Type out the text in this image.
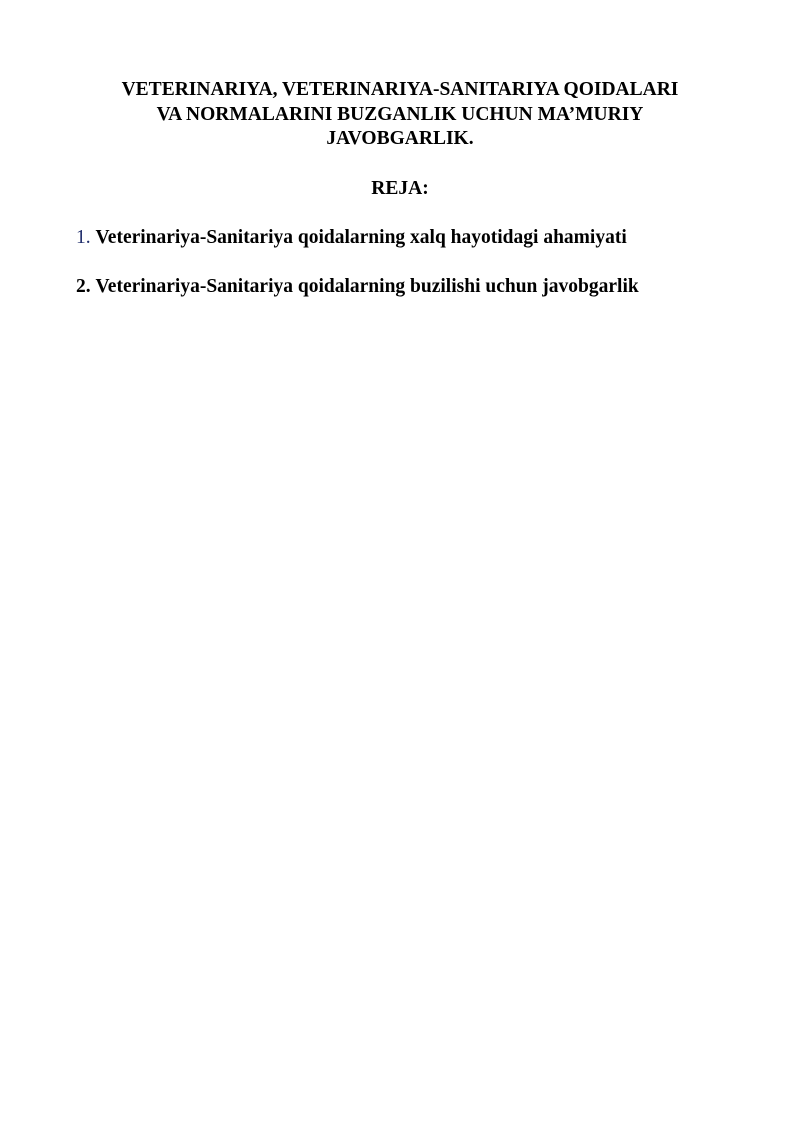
VETERINARIYA, VETERINARIYA-SANITARIYA QOIDALARI
VA NORMALARINI BUZGANLIK UCHUN MA’MURIY
JAVOBGARLIK.
REJA:
1. Veterinariya-Sanitariya qoidalarning xalq hayotidagi ahamiyati
2. Veterinariya-Sanitariya qoidalarning buzilishi uchun javobgarlik
